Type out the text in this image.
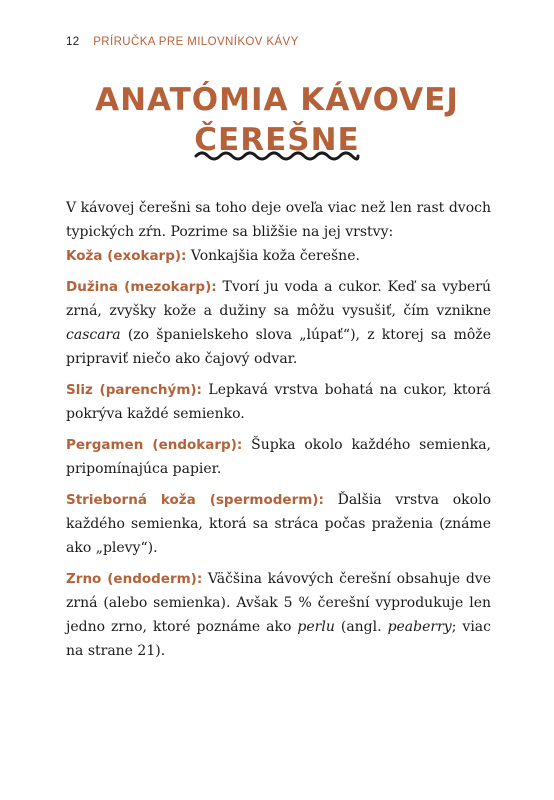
12 PRÍRUČKA PRE MILOVNÍKOV KÁVY
ANATÓMIA KÁVOVEJ
ČEREŠNE

V kávovej čerešni sa toho deje oveľa viac než len rast dvoch typických zŕn. Pozrime sa bližšie na jej vrstvy:

Koža (exokarp): Vonkajšia koža čerešne.

Dužina (mezokarp): Tvorí ju voda a cukor. Keď sa vyberú zrná, zvyšky kože a dužiny sa môžu vysušiť, čím vznikne cascara (zo španielskeho slova „lúpať“), z ktorej sa môže pripraviť niečo ako čajový odvar.

Sliz (parenchým): Lepkavá vrstva bohatá na cukor, ktorá pokrýva každé semienko.

Pergamen (endokarp): Šupka okolo každého semienka, pripomínajúca papier.

Strieborná koža (spermoderm): Ďalšia vrstva okolo každého semienka, ktorá sa stráca počas praženia (známe ako „plevy“).

Zrno (endoderm): Väčšina kávových čerešní obsahuje dve zrná (alebo semienka). Avšak 5 % čerešní vyprodukuje len jedno zrno, ktoré poznáme ako perlu (angl. peaberry; viac na strane 21).
